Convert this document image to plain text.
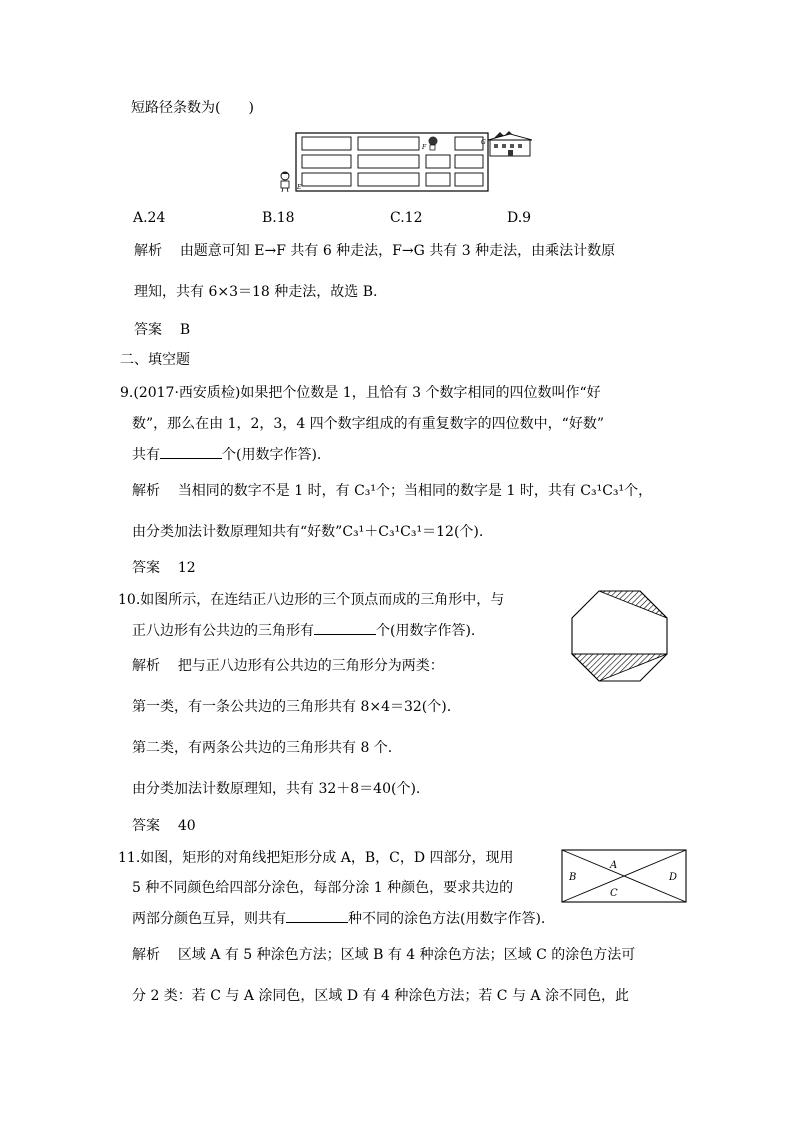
短路径条数为(　　)
E
F
G
A.24	B.18	C.12	D.9
解析 由题意可知 E→F 共有 6 种走法，F→G 共有 3 种走法，由乘法计数原
理知，共有 6×3＝18 种走法，故选 B.
答案 B
二、填空题
9.(2017·西安质检)如果把个位数是 1，且恰有 3 个数字相同的四位数叫作“好
数”，那么在由 1，2，3，4 四个数字组成的有重复数字的四位数中，“好数”
共有	个(用数字作答).
解析 当相同的数字不是 1 时，有 C₃¹个；当相同的数字是 1 时，共有 C₃¹C₃¹个，
由分类加法计数原理知共有“好数”C₃¹＋C₃¹C₃¹＝12(个).
答案 12
10.如图所示，在连结正八边形的三个顶点而成的三角形中，与
正八边形有公共边的三角形有	个(用数字作答).
解析 把与正八边形有公共边的三角形分为两类：
第一类，有一条公共边的三角形共有 8×4＝32(个).
第二类，有两条公共边的三角形共有 8 个.
由分类加法计数原理知，共有 32＋8＝40(个).
答案 40
11.如图，矩形的对角线把矩形分成 A，B，C，D 四部分，现用
5 种不同颜色给四部分涂色，每部分涂 1 种颜色，要求共边的
两部分颜色互异，则共有	种不同的涂色方法(用数字作答).
A
B
C
D
解析 区域 A 有 5 种涂色方法；区域 B 有 4 种涂色方法；区域 C 的涂色方法可
分 2 类：若 C 与 A 涂同色，区域 D 有 4 种涂色方法；若 C 与 A 涂不同色，此
